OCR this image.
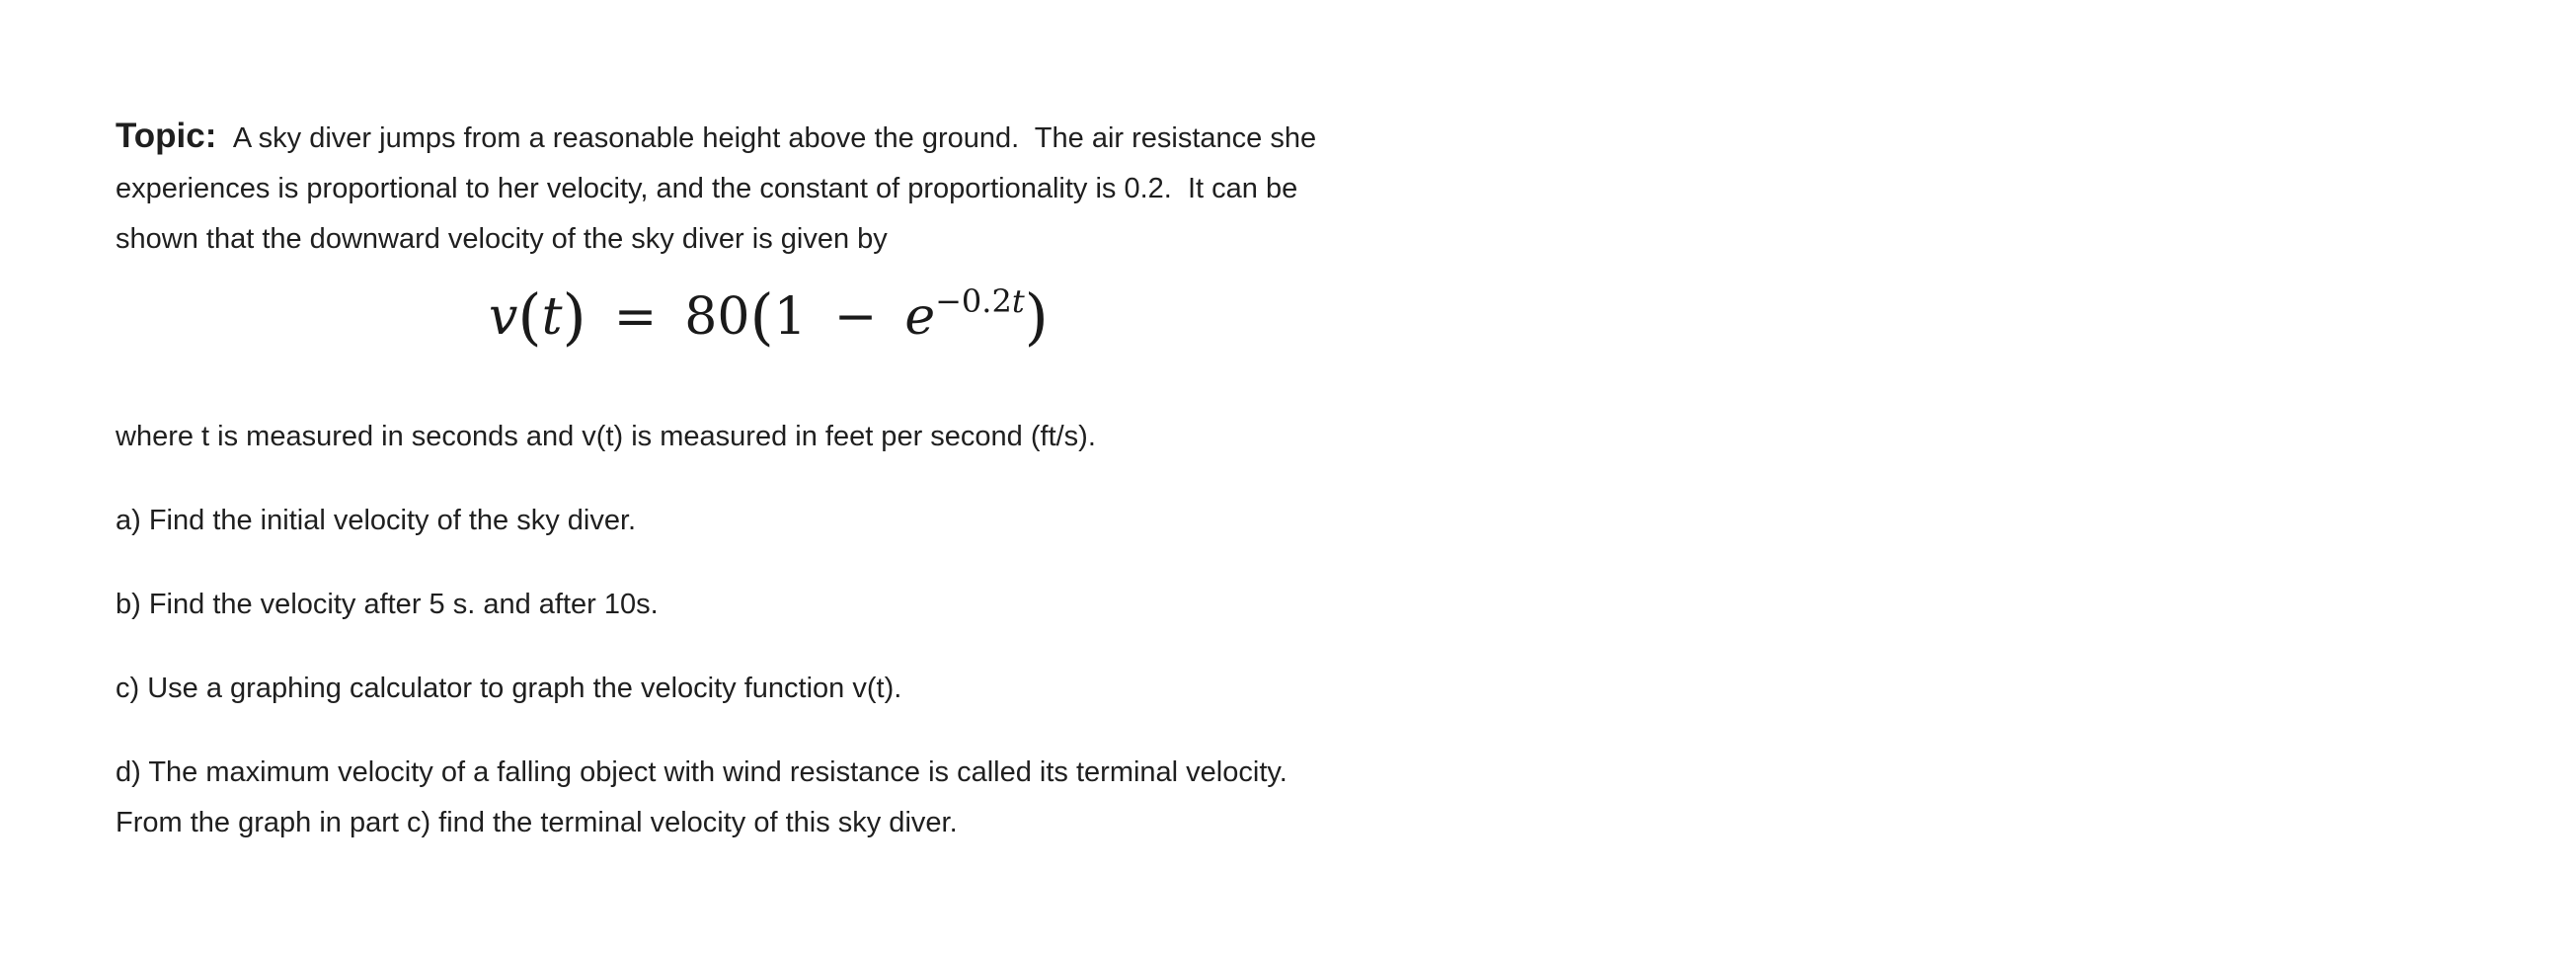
Topic: A sky diver jumps from a reasonable height above the ground.  The air resistance she experiences is proportional to her velocity, and the constant of proportionality is 0.2.  It can be shown that the downward velocity of the sky diver is given by

$v(t) = 80(1 - e^{-0.2t})$

where t is measured in seconds and v(t) is measured in feet per second (ft/s).

a) Find the initial velocity of the sky diver.

b) Find the velocity after 5 s. and after 10s.

c) Use a graphing calculator to graph the velocity function v(t).

d) The maximum velocity of a falling object with wind resistance is called its terminal velocity.

From the graph in part c) find the terminal velocity of this sky diver.
